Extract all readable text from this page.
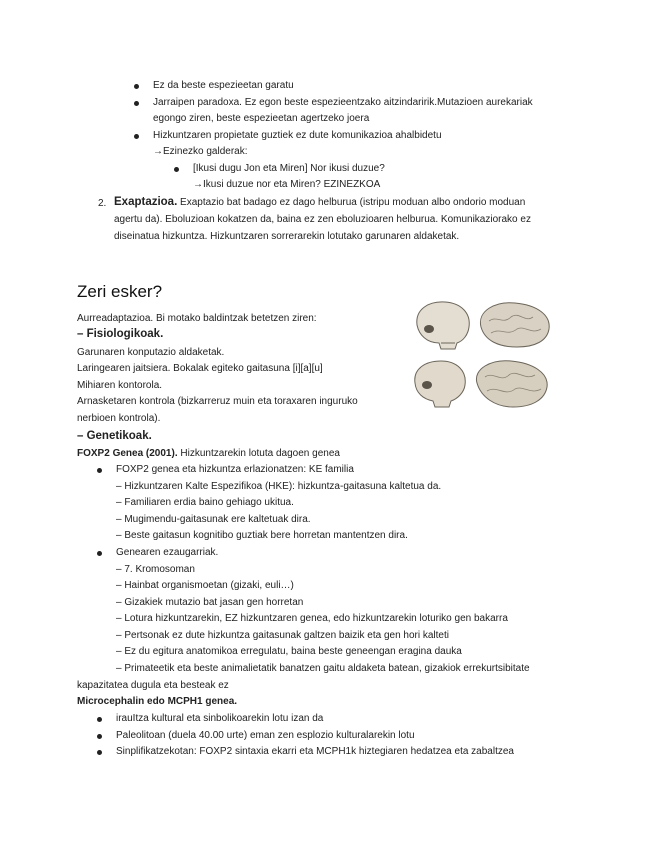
Ez da beste espezieetan garatu
Jarraipen paradoxa. Ez egon beste espezieentzako aitzindaririk.Mutazioen aurekariak
egongo ziren, beste espezieetan agertzeko joera
Hizkuntzaren propietate guztiek ez dute komunikazioa ahalbidetu
→Ezinezko galderak:
[Ikusi dugu Jon eta Miren] Nor ikusi duzue?
→Ikusi duzue nor eta Miren? EZINEZKOA
2. Exaptazioa. Exaptazio bat badago ez dago helburua (istripu moduan albo ondorio moduan
agertu da). Eboluzioan kokatzen da, baina ez zen eboluzioaren helburua. Komunikaziorako ez
diseinatua hizkuntza. Hizkuntzaren sorrerarekin lotutako garunaren aldaketak.
Zeri esker?
Aurreadaptazioa. Bi motako baldintzak betetzen ziren:
– Fisiologikoak.
Garunaren konputazio aldaketak.
Laringearen jaitsiera. Bokalak egiteko gaitasuna [i][a][u]
Mihiaren kontorola.
Arnasketaren kontrola (bizkarreruz muin eta toraxaren inguruko
nerbioen kontrola).
– Genetikoak.
FOXP2 Genea (2001). Hizkuntzarekin lotuta dagoen genea
FOXP2 genea eta hizkuntza erlazionatzen: KE familia
– Hizkuntzaren Kalte Espezifikoa (HKE): hizkuntza-gaitasuna kaltetua da.
– Familiaren erdia baino gehiago ukitua.
– Mugimendu-gaitasunak ere kaltetuak dira.
– Beste gaitasun kognitibo guztiak bere horretan mantentzen dira.
Genearen ezaugarriak.
– 7. Kromosoman
– Hainbat organismoetan (gizaki, euli…)
– Gizakiek mutazio bat jasan gen horretan
– Lotura hizkuntzarekin, EZ hizkuntzaren genea, edo hizkuntzarekin loturiko gen bakarra
– Pertsonak ez dute hizkuntza gaitasunak galtzen baizik eta gen hori kalteti
– Ez du egitura anatomikoa erregulatu, baina beste geneengan eragina dauka
– Primateetik eta beste animalietatik banatzen gaitu aldaketa batean, gizakiok errekurtsibitate
kapazitatea dugula eta besteak ez
Microcephalin edo MCPH1 genea.
irauItza kultural eta sinbolikoarekin lotu izan da
Paleolitoan (duela 40.00 urte) eman zen esplozio kulturalarekin lotu
Sinplifikatzekotan: FOXP2 sintaxia ekarri eta MCPH1k hiztegiaren hedatzea eta zabaltzea
